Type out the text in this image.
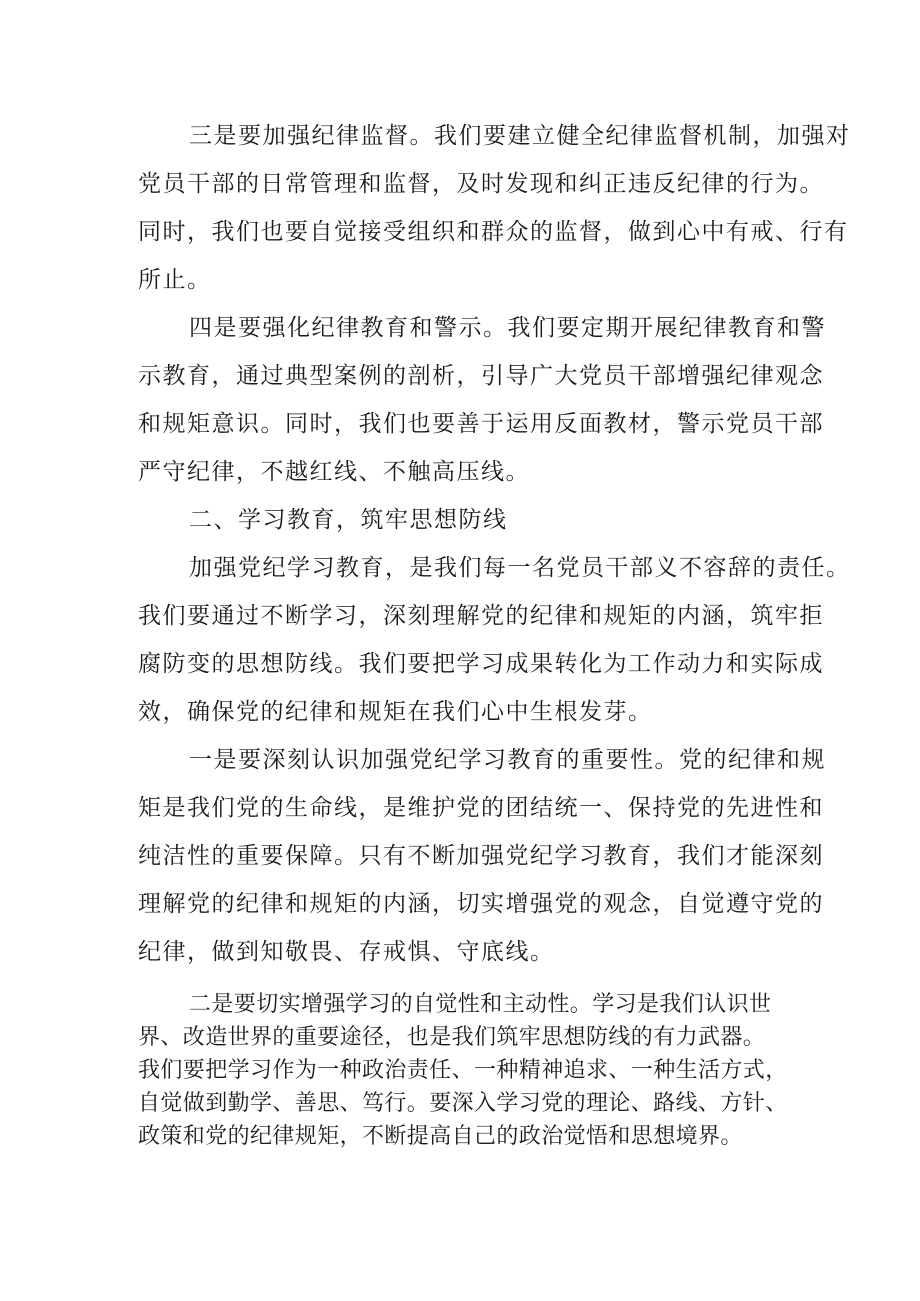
三是要加强纪律监督。我们要建立健全纪律监督机制，加强对
党员干部的日常管理和监督，及时发现和纠正违反纪律的行为。
同时，我们也要自觉接受组织和群众的监督，做到心中有戒、行有
所止。
四是要强化纪律教育和警示。我们要定期开展纪律教育和警
示教育，通过典型案例的剖析，引导广大党员干部增强纪律观念
和规矩意识。同时，我们也要善于运用反面教材，警示党员干部
严守纪律，不越红线、不触高压线。
二、学习教育，筑牢思想防线
加强党纪学习教育，是我们每一名党员干部义不容辞的责任。
我们要通过不断学习，深刻理解党的纪律和规矩的内涵，筑牢拒
腐防变的思想防线。我们要把学习成果转化为工作动力和实际成
效，确保党的纪律和规矩在我们心中生根发芽。
一是要深刻认识加强党纪学习教育的重要性。党的纪律和规
矩是我们党的生命线，是维护党的团结统一、保持党的先进性和
纯洁性的重要保障。只有不断加强党纪学习教育，我们才能深刻
理解党的纪律和规矩的内涵，切实增强党的观念，自觉遵守党的
纪律，做到知敬畏、存戒惧、守底线。
二是要切实增强学习的自觉性和主动性。学习是我们认识世
界、改造世界的重要途径，也是我们筑牢思想防线的有力武器。
我们要把学习作为一种政治责任、一种精神追求、一种生活方式，
自觉做到勤学、善思、笃行。要深入学习党的理论、路线、方针、
政策和党的纪律规矩，不断提高自己的政治觉悟和思想境界。
